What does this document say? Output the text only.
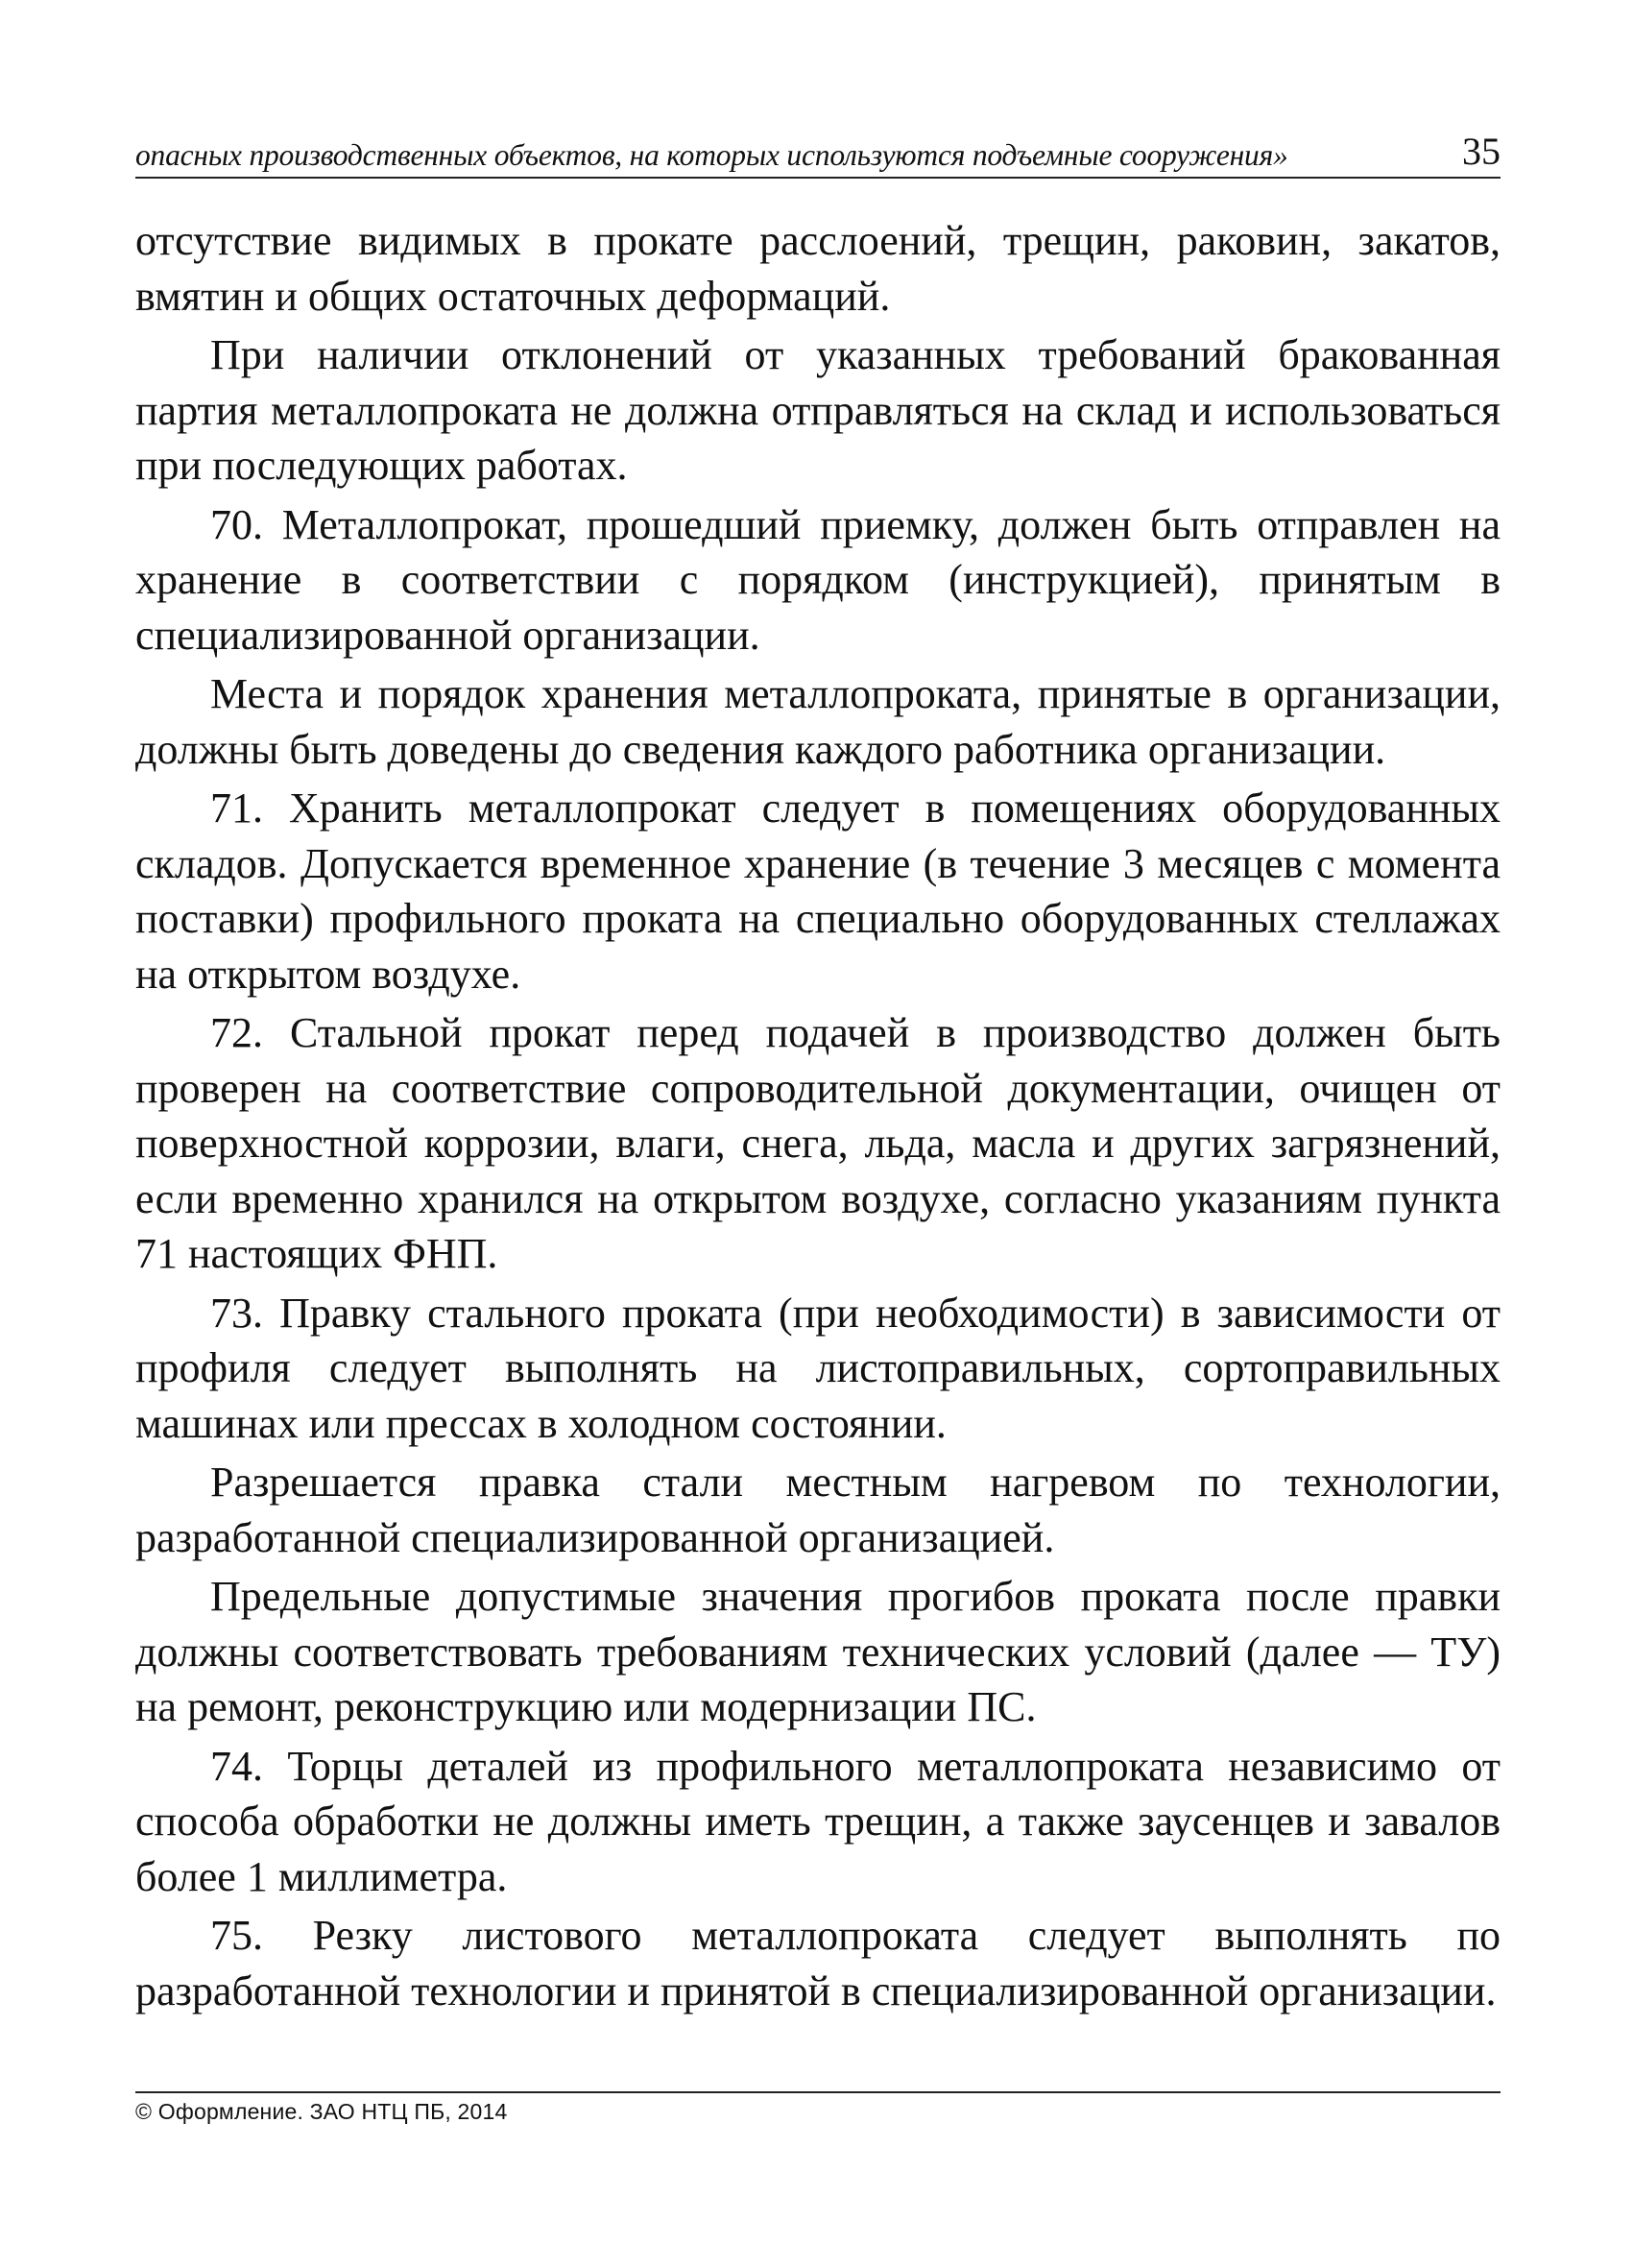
опасных производственных объектов, на которых используются подъемные сооружения»	35

отсутствие видимых в прокате расслоений, трещин, раковин, закатов, вмятин и общих остаточных деформаций.

При наличии отклонений от указанных требований бракованная партия металлопроката не должна отправляться на склад и использоваться при последующих работах.

70. Металлопрокат, прошедший приемку, должен быть отправлен на хранение в соответствии с порядком (инструкцией), принятым в специализированной организации.

Места и порядок хранения металлопроката, принятые в организации, должны быть доведены до сведения каждого работника организации.

71. Хранить металлопрокат следует в помещениях оборудованных складов. Допускается временное хранение (в течение 3 месяцев с момента поставки) профильного проката на специально оборудованных стеллажах на открытом воздухе.

72. Стальной прокат перед подачей в производство должен быть проверен на соответствие сопроводительной документации, очищен от поверхностной коррозии, влаги, снега, льда, масла и других загрязнений, если временно хранился на открытом воздухе, согласно указаниям пункта 71 настоящих ФНП.

73. Правку стального проката (при необходимости) в зависимости от профиля следует выполнять на листоправильных, сортоправильных машинах или прессах в холодном состоянии.

Разрешается правка стали местным нагревом по технологии, разработанной специализированной организацией.

Предельные допустимые значения прогибов проката после правки должны соответствовать требованиям технических условий (далее — ТУ) на ремонт, реконструкцию или модернизации ПС.

74. Торцы деталей из профильного металлопроката независимо от способа обработки не должны иметь трещин, а также заусенцев и завалов более 1 миллиметра.

75. Резку листового металлопроката следует выполнять по разработанной технологии и принятой в специализированной организации.

© Оформление. ЗАО НТЦ ПБ, 2014
